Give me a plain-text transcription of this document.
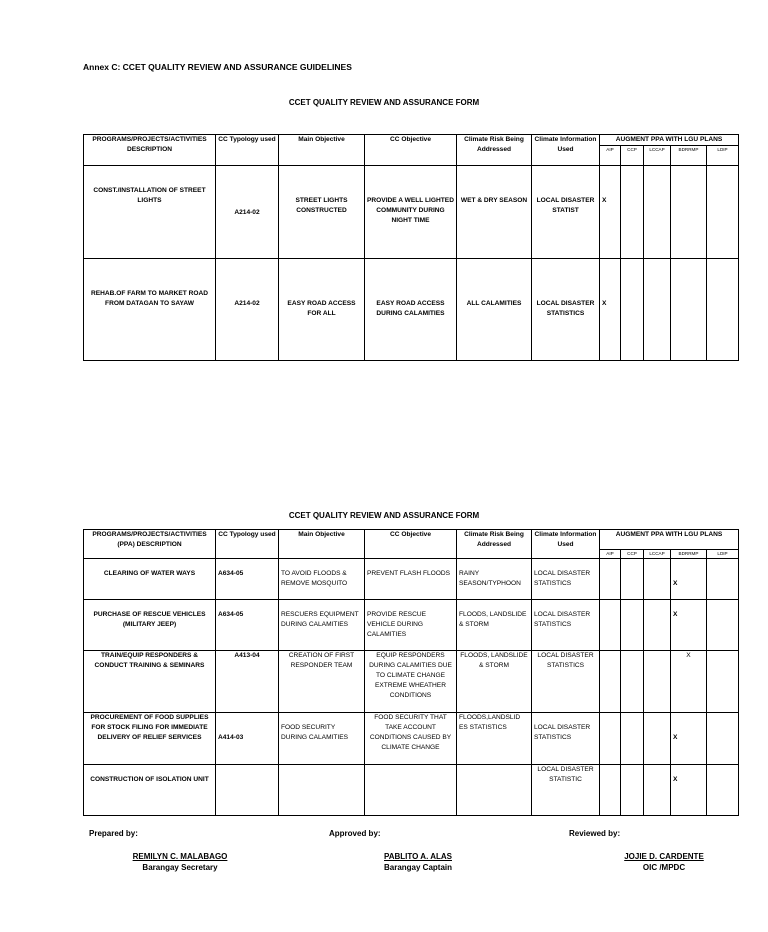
Annex C: CCET QUALITY REVIEW AND ASSURANCE GUIDELINES
CCET QUALITY REVIEW AND ASSURANCE FORM
PROGRAMS/PROJECTS/ACTIVITIES DESCRIPTION	CC Typology used	Main Objective	CC Objective	Climate Risk Being Addressed	Climate Information Used	AUGMENT PPA WITH LGU PLANS				
						AIP	CCP	LCCAP	BDRRMP	LDIP
CONST./INSTALLATION OF STREET LIGHTS	A214-02	STREET LIGHTS CONSTRUCTED	PROVIDE A WELL LIGHTED COMMUNITY DURING NIGHT TIME	WET & DRY SEASON	LOCAL DISASTER STATIST	X				
REHAB.OF FARM TO MARKET ROAD FROM DATAGAN TO SAYAW	A214-02	EASY ROAD ACCESS FOR ALL	EASY ROAD ACCESS DURING CALAMITIES	ALL CALAMITIES	LOCAL DISASTER STATISTICS	X				
CCET QUALITY REVIEW AND ASSURANCE FORM
PROGRAMS/PROJECTS/ACTIVITIES (PPA) DESCRIPTION	CC Typology used	Main Objective	CC Objective	Climate Risk Being Addressed	Climate Information Used	AUGMENT PPA WITH LGU PLANS				
						AIP	CCP	LCCAP	BDRRMP	LDIP
CLEARING OF WATER WAYS	A634-05	TO AVOID FLOODS & REMOVE MOSQUITO	PREVENT FLASH FLOODS	RAINY SEASON/TYPHOON	LOCAL DISASTER STATISTICS				X	
PURCHASE OF RESCUE VEHICLES (MILITARY JEEP)	A634-05	RESCUERS EQUIPMENT DURING CALAMITIES	PROVIDE RESCUE VEHICLE DURING CALAMITIES	FLOODS, LANDSLIDE & STORM	LOCAL DISASTER STATISTICS				X	
TRAIN/EQUIP RESPONDERS & CONDUCT TRAINING & SEMINARS	A413-04	CREATION OF FIRST RESPONDER TEAM	EQUIP RESPONDERS DURING CALAMITIES DUE TO CLIMATE CHANGE EXTREME WHEATHER CONDITIONS	FLOODS, LANDSLIDE & STORM	LOCAL DISASTER STATISTICS				X	
PROCUREMENT OF FOOD SUPPLIES FOR STOCK FILING FOR IMMEDIATE DELIVERY OF RELIEF SERVICES	A414-03	FOOD SECURITY DURING CALAMITIES	FOOD SECURITY THAT TAKE ACCOUNT CONDITIONS CAUSED BY CLIMATE CHANGE	FLOODS,LANDSLID ES STATISTICS	LOCAL DISASTER STATISTICS				X	
CONSTRUCTION OF ISOLATION UNIT					LOCAL DISASTER STATISTIC				X	
Prepared by:	Approved by:	Reviewed by:
REMILYN C. MALABAGO
Barangay Secretary
PABLITO A. ALAS
Barangay Captain
JOJIE D. CARDENTE
OIC /MPDC
